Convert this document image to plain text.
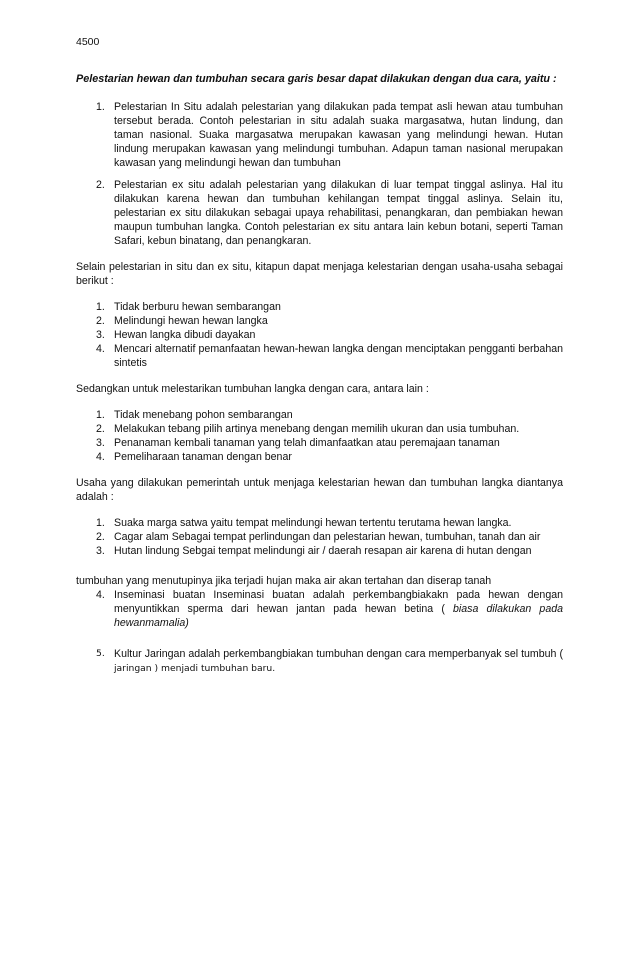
4500

Pelestarian hewan dan tumbuhan secara garis besar dapat dilakukan dengan dua cara, yaitu :

1. Pelestarian In Situ adalah pelestarian yang dilakukan pada tempat asli hewan atau tumbuhan tersebut berada. Contoh pelestarian in situ adalah suaka margasatwa, hutan lindung, dan taman nasional. Suaka margasatwa merupakan kawasan yang melindungi hewan. Hutan lindung merupakan kawasan yang melindungi tumbuhan. Adapun taman nasional merupakan kawasan yang melindungi hewan dan tumbuhan
2. Pelestarian ex situ adalah pelestarian yang dilakukan di luar tempat tinggal aslinya. Hal itu dilakukan karena hewan dan tumbuhan kehilangan tempat tinggal aslinya. Selain itu, pelestarian ex situ dilakukan sebagai upaya rehabilitasi, penangkaran, dan pembiakan hewan maupun tumbuhan langka. Contoh pelestarian ex situ antara lain kebun botani, seperti Taman Safari, kebun binatang, dan penangkaran.

Selain pelestarian in situ dan ex situ, kitapun dapat menjaga kelestarian dengan usaha-usaha sebagai berikut :

1. Tidak berburu hewan sembarangan
2. Melindungi hewan hewan langka
3. Hewan langka dibudi dayakan
4. Mencari alternatif pemanfaatan hewan-hewan langka dengan menciptakan pengganti berbahan sintetis

Sedangkan untuk melestarikan tumbuhan langka dengan cara, antara lain :

1. Tidak menebang pohon sembarangan
2. Melakukan tebang pilih artinya menebang dengan memilih ukuran dan usia tumbuhan.
3. Penanaman kembali tanaman yang telah dimanfaatkan atau peremajaan tanaman
4. Pemeliharaan tanaman dengan benar

Usaha yang dilakukan pemerintah untuk menjaga kelestarian hewan dan tumbuhan langka diantanya adalah :

1. Suaka marga satwa yaitu tempat melindungi hewan tertentu terutama hewan langka.
2. Cagar alam Sebagai tempat perlindungan dan pelestarian hewan, tumbuhan, tanah dan air
3. Hutan lindung Sebgai tempat melindungi air / daerah resapan air karena di hutan dengan

tumbuhan yang menutupinya jika terjadi hujan maka air akan tertahan dan diserap tanah

4. Inseminasi buatan Inseminasi buatan adalah perkembangbiakakn pada hewan dengan menyuntikkan sperma dari hewan jantan pada hewan betina ( biasa dilakukan pada hewanmamalia)
5. Kultur Jaringan adalah perkembangbiakan tumbuhan dengan cara memperbanyak sel tumbuh ( jaringan ) menjadi tumbuhan baru.
